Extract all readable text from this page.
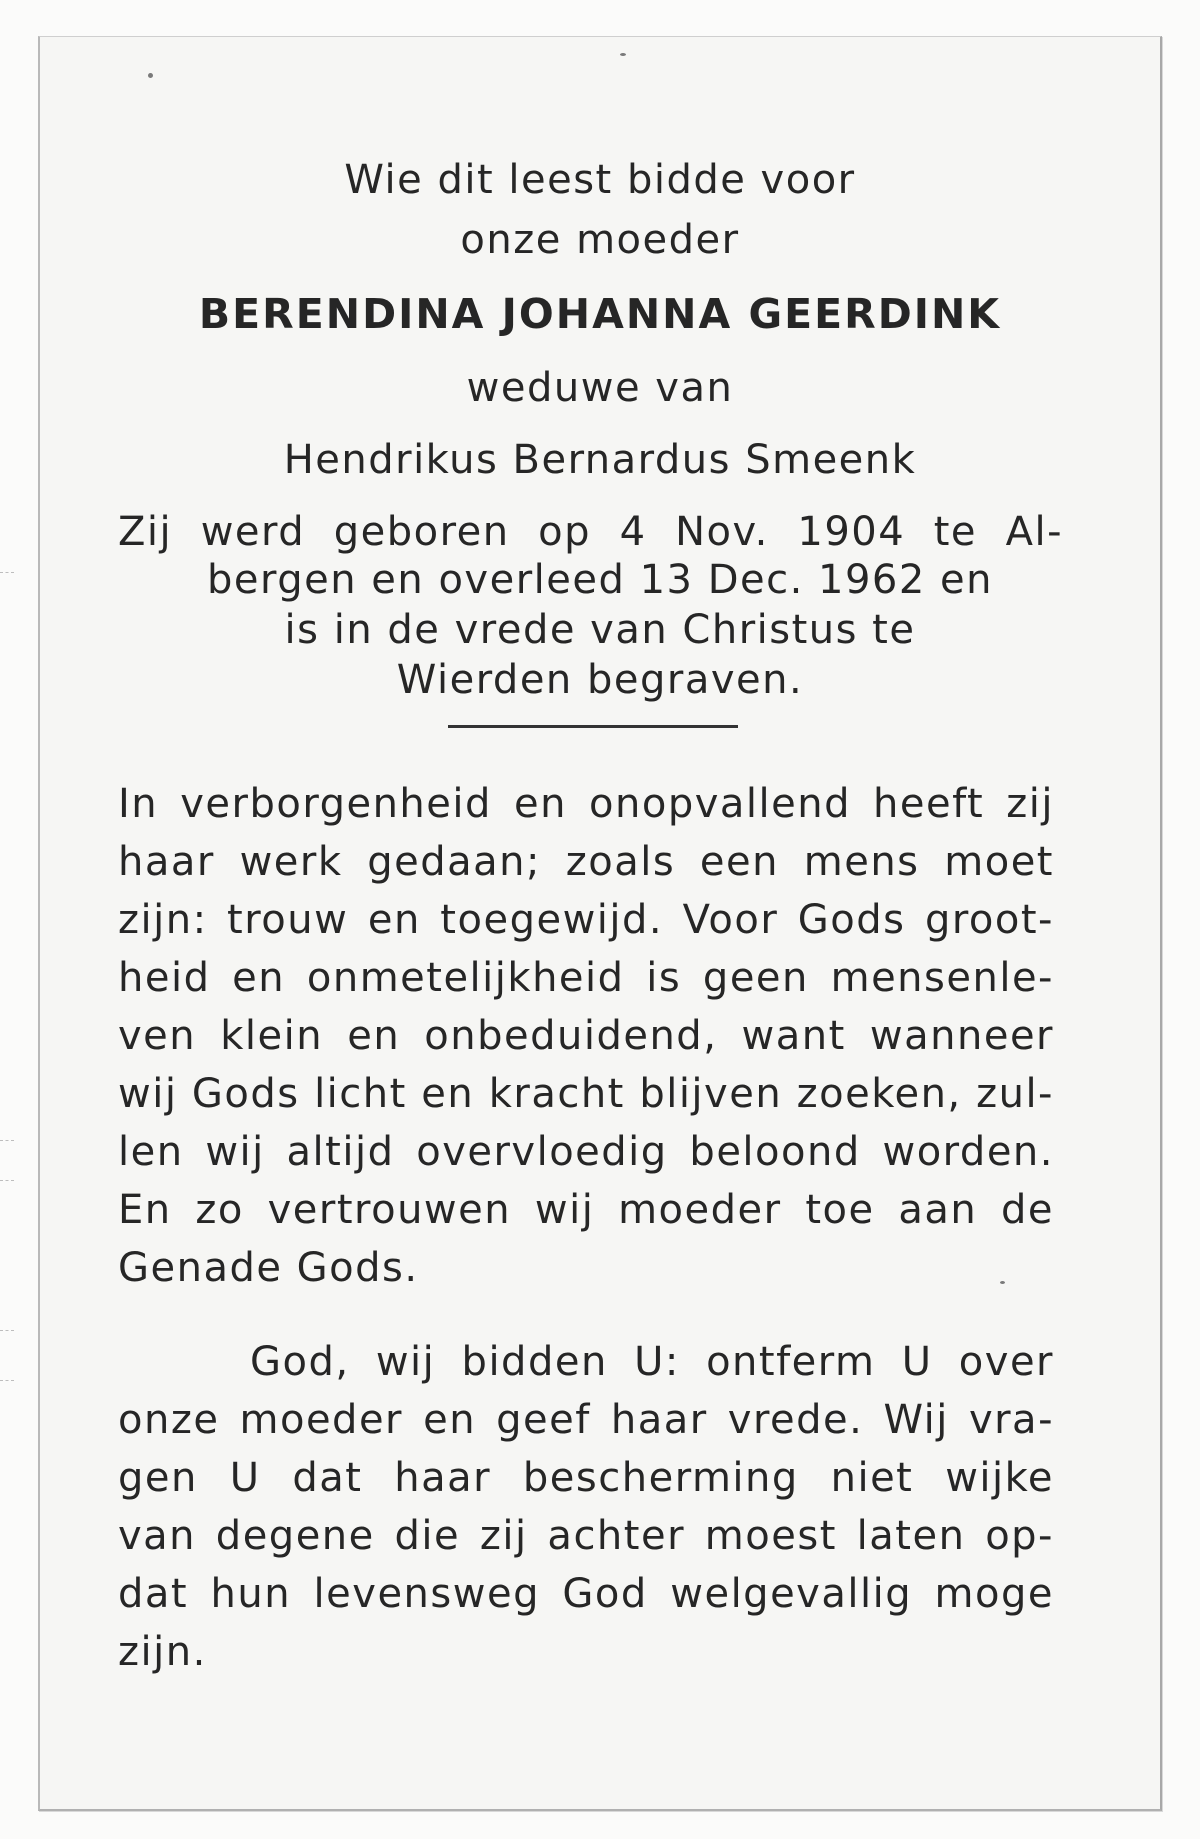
Wie dit leest bidde voor
onze moeder
BERENDINA JOHANNA GEERDINK
weduwe van
Hendrikus Bernardus Smeenk
Zij werd geboren op 4 Nov. 1904 te Al-
bergen en overleed 13 Dec. 1962 en
is in de vrede van Christus te
Wierden begraven.
In verborgenheid en onopvallend heeft zij
haar werk gedaan; zoals een mens moet
zijn: trouw en toegewijd. Voor Gods groot-
heid en onmetelijkheid is geen mensenle-
ven klein en onbeduidend, want wanneer
wij Gods licht en kracht blijven zoeken, zul-
len wij altijd overvloedig beloond worden.
En zo vertrouwen wij moeder toe aan de
Genade Gods.
God, wij bidden U: ontferm U over
onze moeder en geef haar vrede. Wij vra-
gen U dat haar bescherming niet wijke
van degene die zij achter moest laten op-
dat hun levensweg God welgevallig moge
zijn.
